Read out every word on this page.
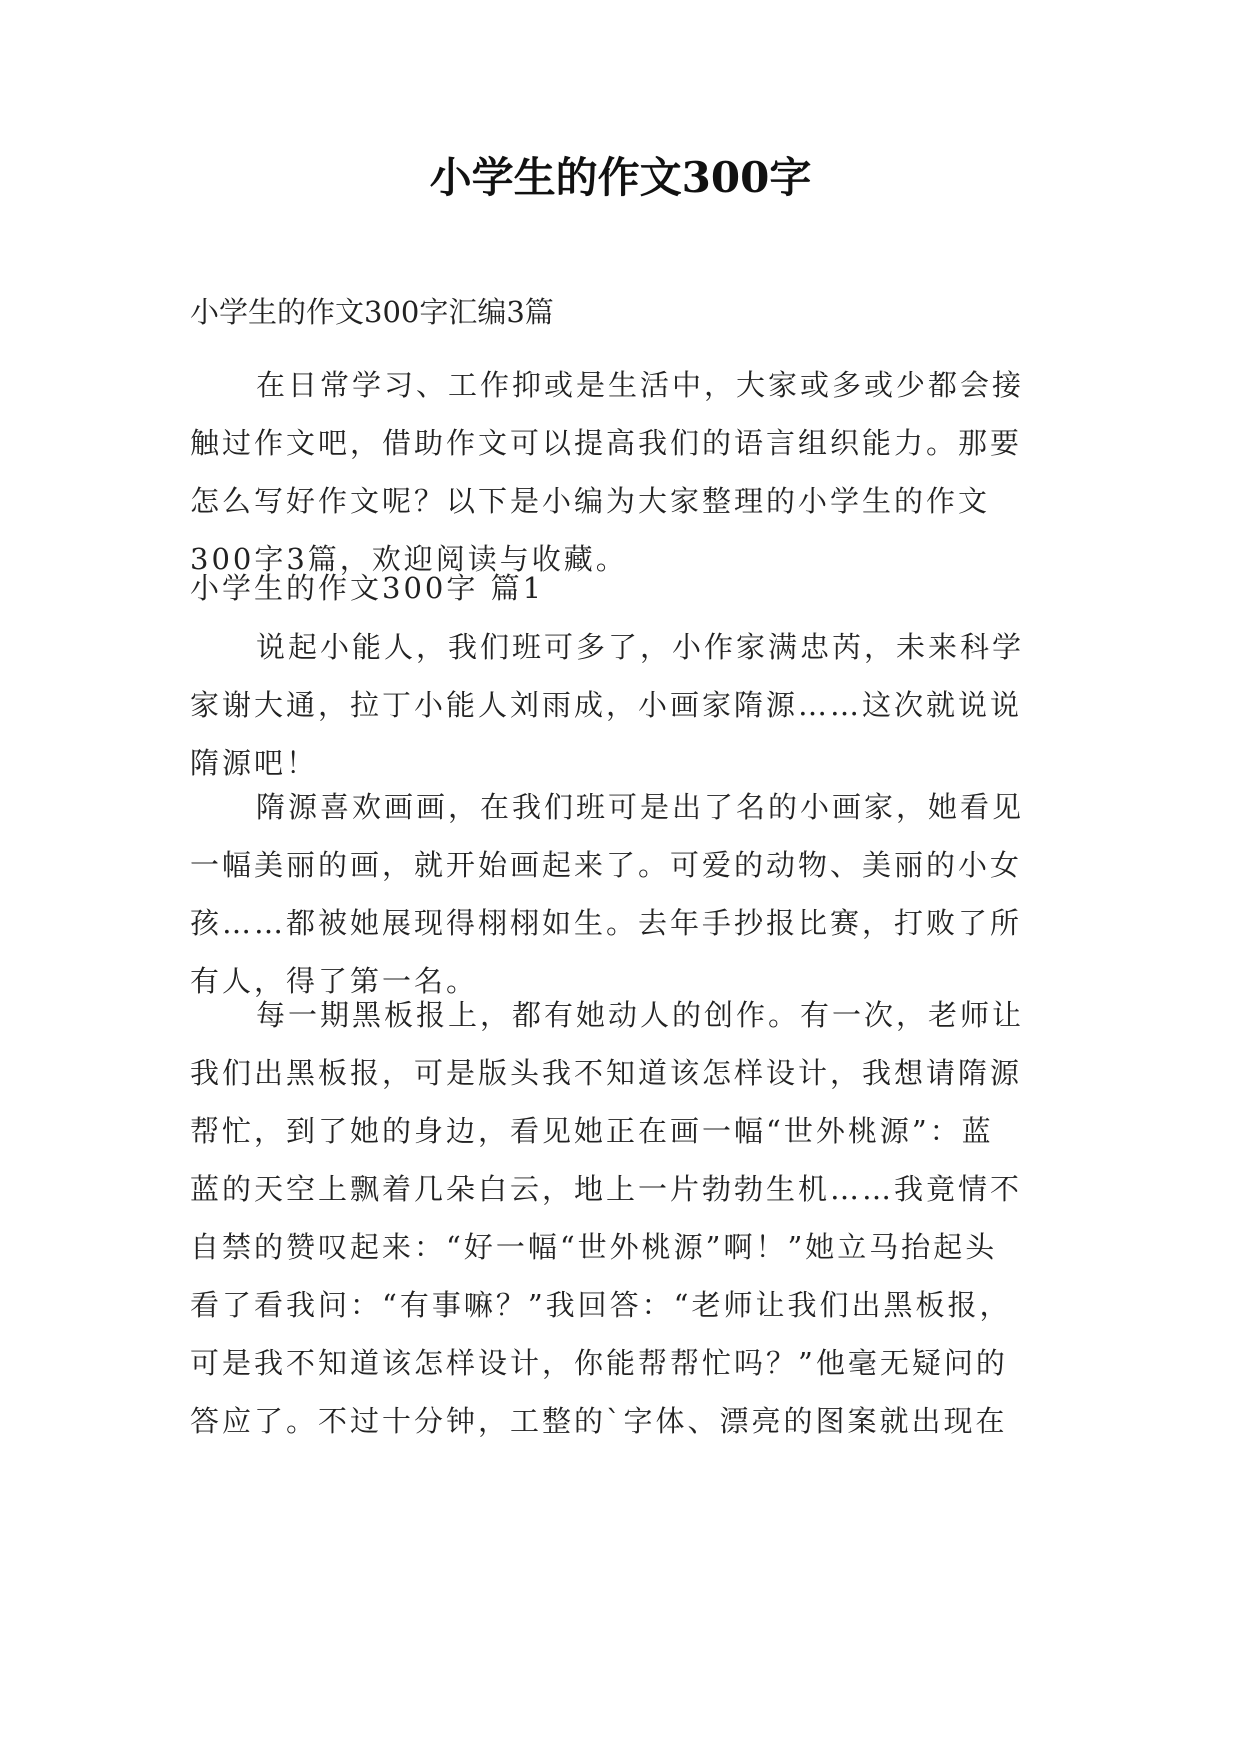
小学生的作文300字
小学生的作文300字汇编3篇

在日常学习、工作抑或是生活中，大家或多或少都会接
触过作文吧，借助作文可以提高我们的语言组织能力。那要
怎么写好作文呢？以下是小编为大家整理的小学生的作文
300字3篇，欢迎阅读与收藏。

小学生的作文300字 篇1

说起小能人，我们班可多了，小作家满忠芮，未来科学
家谢大通，拉丁小能人刘雨成，小画家隋源……这次就说说
隋源吧！

隋源喜欢画画，在我们班可是出了名的小画家，她看见
一幅美丽的画，就开始画起来了。可爱的动物、美丽的小女
孩……都被她展现得栩栩如生。去年手抄报比赛，打败了所
有人，得了第一名。

每一期黑板报上，都有她动人的创作。有一次，老师让
我们出黑板报，可是版头我不知道该怎样设计，我想请隋源
帮忙，到了她的身边，看见她正在画一幅“世外桃源”：蓝
蓝的天空上飘着几朵白云，地上一片勃勃生机……我竟情不
自禁的赞叹起来：“好一幅“世外桃源”啊！”她立马抬起头
看了看我问：“有事嘛？”我回答：“老师让我们出黑板报，
可是我不知道该怎样设计，你能帮帮忙吗？”他毫无疑问的
答应了。不过十分钟，工整的`字体、漂亮的图案就出现在
